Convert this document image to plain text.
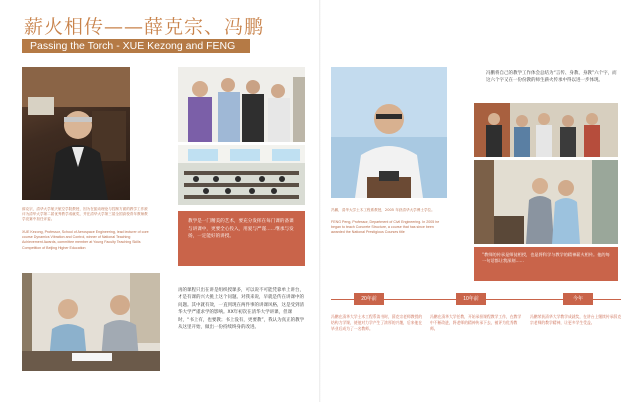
薪火相传——薛克宗、冯鹏
Passing the Torch - XUE Kezong and FENG Peng
薛克宗，清华大学航天航空学院教授，因为在振动理论与控制方面的教学工作被评为清华大学第二届优秀教学成就奖，并在清华大学第三届全国高校青年教师教学竞赛中担任评委。
XUE Kezong, Professor, School of Aerospace Engineering, lead lecturer of core course Dynamics Vibration and Control, winner of National Teaching Achievement Awards, committee member at Young Faculty Teaching Skills Competition of Beijing Higher Education
教学是一门精美的艺术，要充分发挥在每门课的备课与讲课中，更要全心投入，用爱与严谨……继承与发扬，一定能好的讲授。
再的课程只出在讲是组织授课多，可以说不可能凭靠单上讲台，才是有课的兴大挑上这个问题。对我来说，早就是传在讲课中的问题。其中就有效，一直到现在两件事的讲课风格，这是受到清华大学严谨求学的影响。XX年初次在清华大学讲课，但课时，“书上有，也要教；书上没有，更要教”，我认为真正的教学从这里开始，做出一份持续终身的改进。
冯鹏，清华大学土木工程系教授，2005 年获清华大学博士学位。
FENG Peng, Professor, Department of Civil Engineering. In 2005 he began to teach Concrete Structure, a course that has since been awarded the National Prestigious Courses title
冯鹏将自己的教学工作体会总结为“言传、身教、身教”六个字，而这六个字又在一份份教的师生薪火传承中得以进一步体现。
“教师的传承是师徒相授，也是将科学与教学的精神薪火相传。他的每一句话都让我深刻……
20年前	10年前	今年
冯鹏在清华大学土木工程系读书时，薛克宗老师教授的结构力学课，使他对力学产生了浓厚的兴趣，后来他在毕业后成为了一名教师。
冯鹏在清华大学任教，开始承担课程教学工作，在教学中不断改进，将老师的精神传承下去，被评为优秀教师。
冯鹏荣获清华大学教学成就奖，在讲台上继续传承薛克宗老师的教学精神，让更多学生受益。
